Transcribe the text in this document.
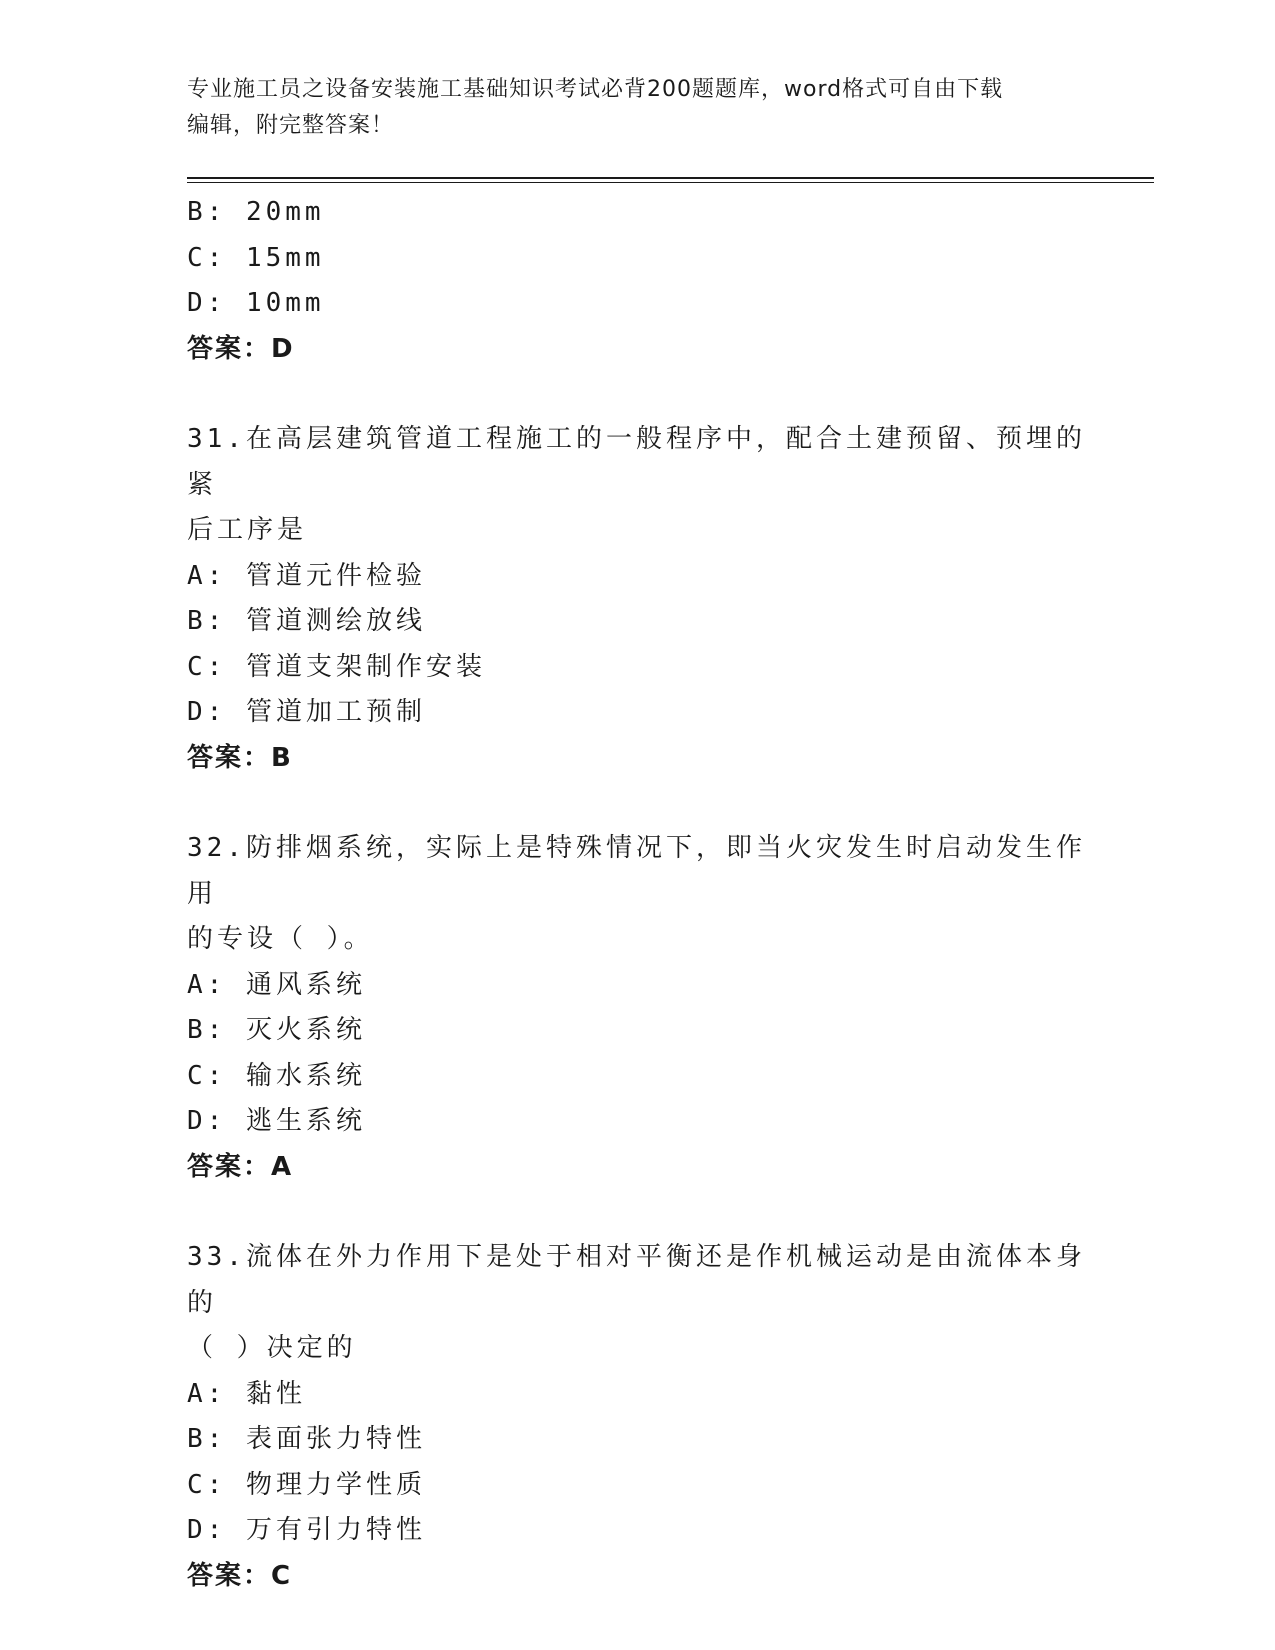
专业施工员之设备安装施工基础知识考试必背200题题库，word格式可自由下载
编辑，附完整答案！
B: 20mm
C: 15mm
D: 10mm
答案：D
31.在高层建筑管道工程施工的一般程序中，配合土建预留、预埋的紧
后工序是
A: 管道元件检验
B: 管道测绘放线
C: 管道支架制作安装
D: 管道加工预制
答案：B
32.防排烟系统，实际上是特殊情况下，即当火灾发生时启动发生作用
的专设（ ）。
A: 通风系统
B: 灭火系统
C: 输水系统
D: 逃生系统
答案：A
33.流体在外力作用下是处于相对平衡还是作机械运动是由流体本身的
（ ）决定的
A: 黏性
B: 表面张力特性
C: 物理力学性质
D: 万有引力特性
答案：C
